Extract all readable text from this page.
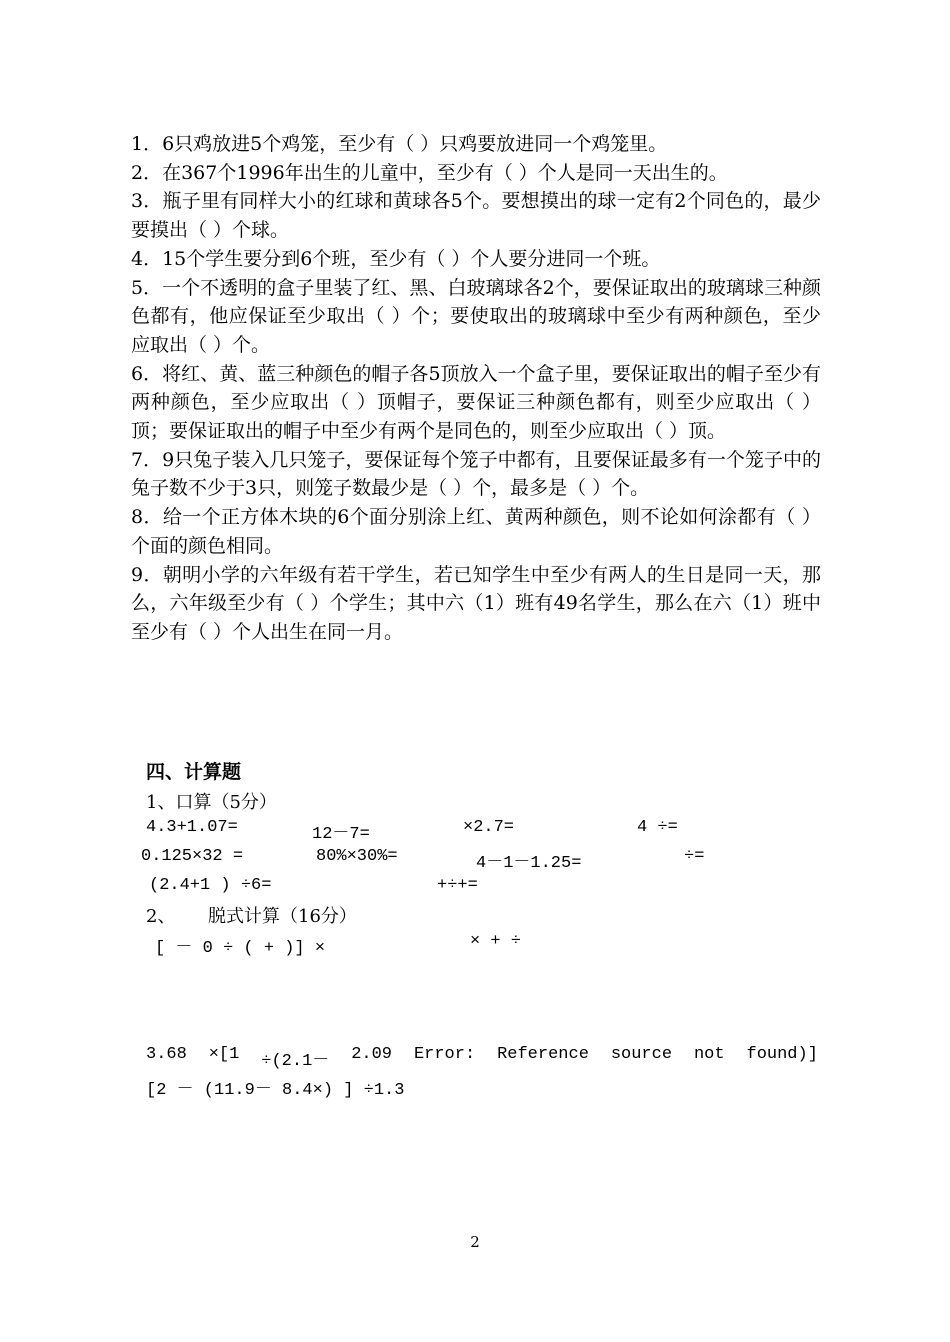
1．6只鸡放进5个鸡笼，至少有（ ）只鸡要放进同一个鸡笼里。

2．在367个1996年出生的儿童中，至少有（ ）个人是同一天出生的。

3．瓶子里有同样大小的红球和黄球各5个。要想摸出的球一定有2个同色的，最少要摸出（ ）个球。

4．15个学生要分到6个班，至少有（ ）个人要分进同一个班。

5．一个不透明的盒子里装了红、黑、白玻璃球各2个，要保证取出的玻璃球三种颜色都有，他应保证至少取出（ ）个；要使取出的玻璃球中至少有两种颜色，至少应取出（ ）个。

6．将红、黄、蓝三种颜色的帽子各5顶放入一个盒子里，要保证取出的帽子至少有两种颜色，至少应取出（ ）顶帽子，要保证三种颜色都有，则至少应取出（ ）顶；要保证取出的帽子中至少有两个是同色的，则至少应取出（ ）顶。

7．9只兔子装入几只笼子，要保证每个笼子中都有，且要保证最多有一个笼子中的兔子数不少于3只，则笼子数最少是（ ）个，最多是（ ）个。

8．给一个正方体木块的6个面分别涂上红、黄两种颜色，则不论如何涂都有（ ）个面的颜色相同。

9．朝明小学的六年级有若干学生，若已知学生中至少有两人的生日是同一天，那么，六年级至少有（ ）个学生；其中六（1）班有49名学生，那么在六（1）班中至少有（ ）个人出生在同一月。

四、计算题
1、口算（5分）
4.3+1.07=	12－7=	×2.7=	4 ÷=
0.125×32 =	80%×30%=	4－1－1.25=	÷=
(2.4+1 ) ÷6=	+÷+=
2、 脱式计算（16分）
[ － 0 ÷ ( + )] ×	× + ÷
3.68 ×[1 ÷(2.1－ 2.09 Error: Reference source not found)]
[2 － (11.9－ 8.4×) ] ÷1.3
2
